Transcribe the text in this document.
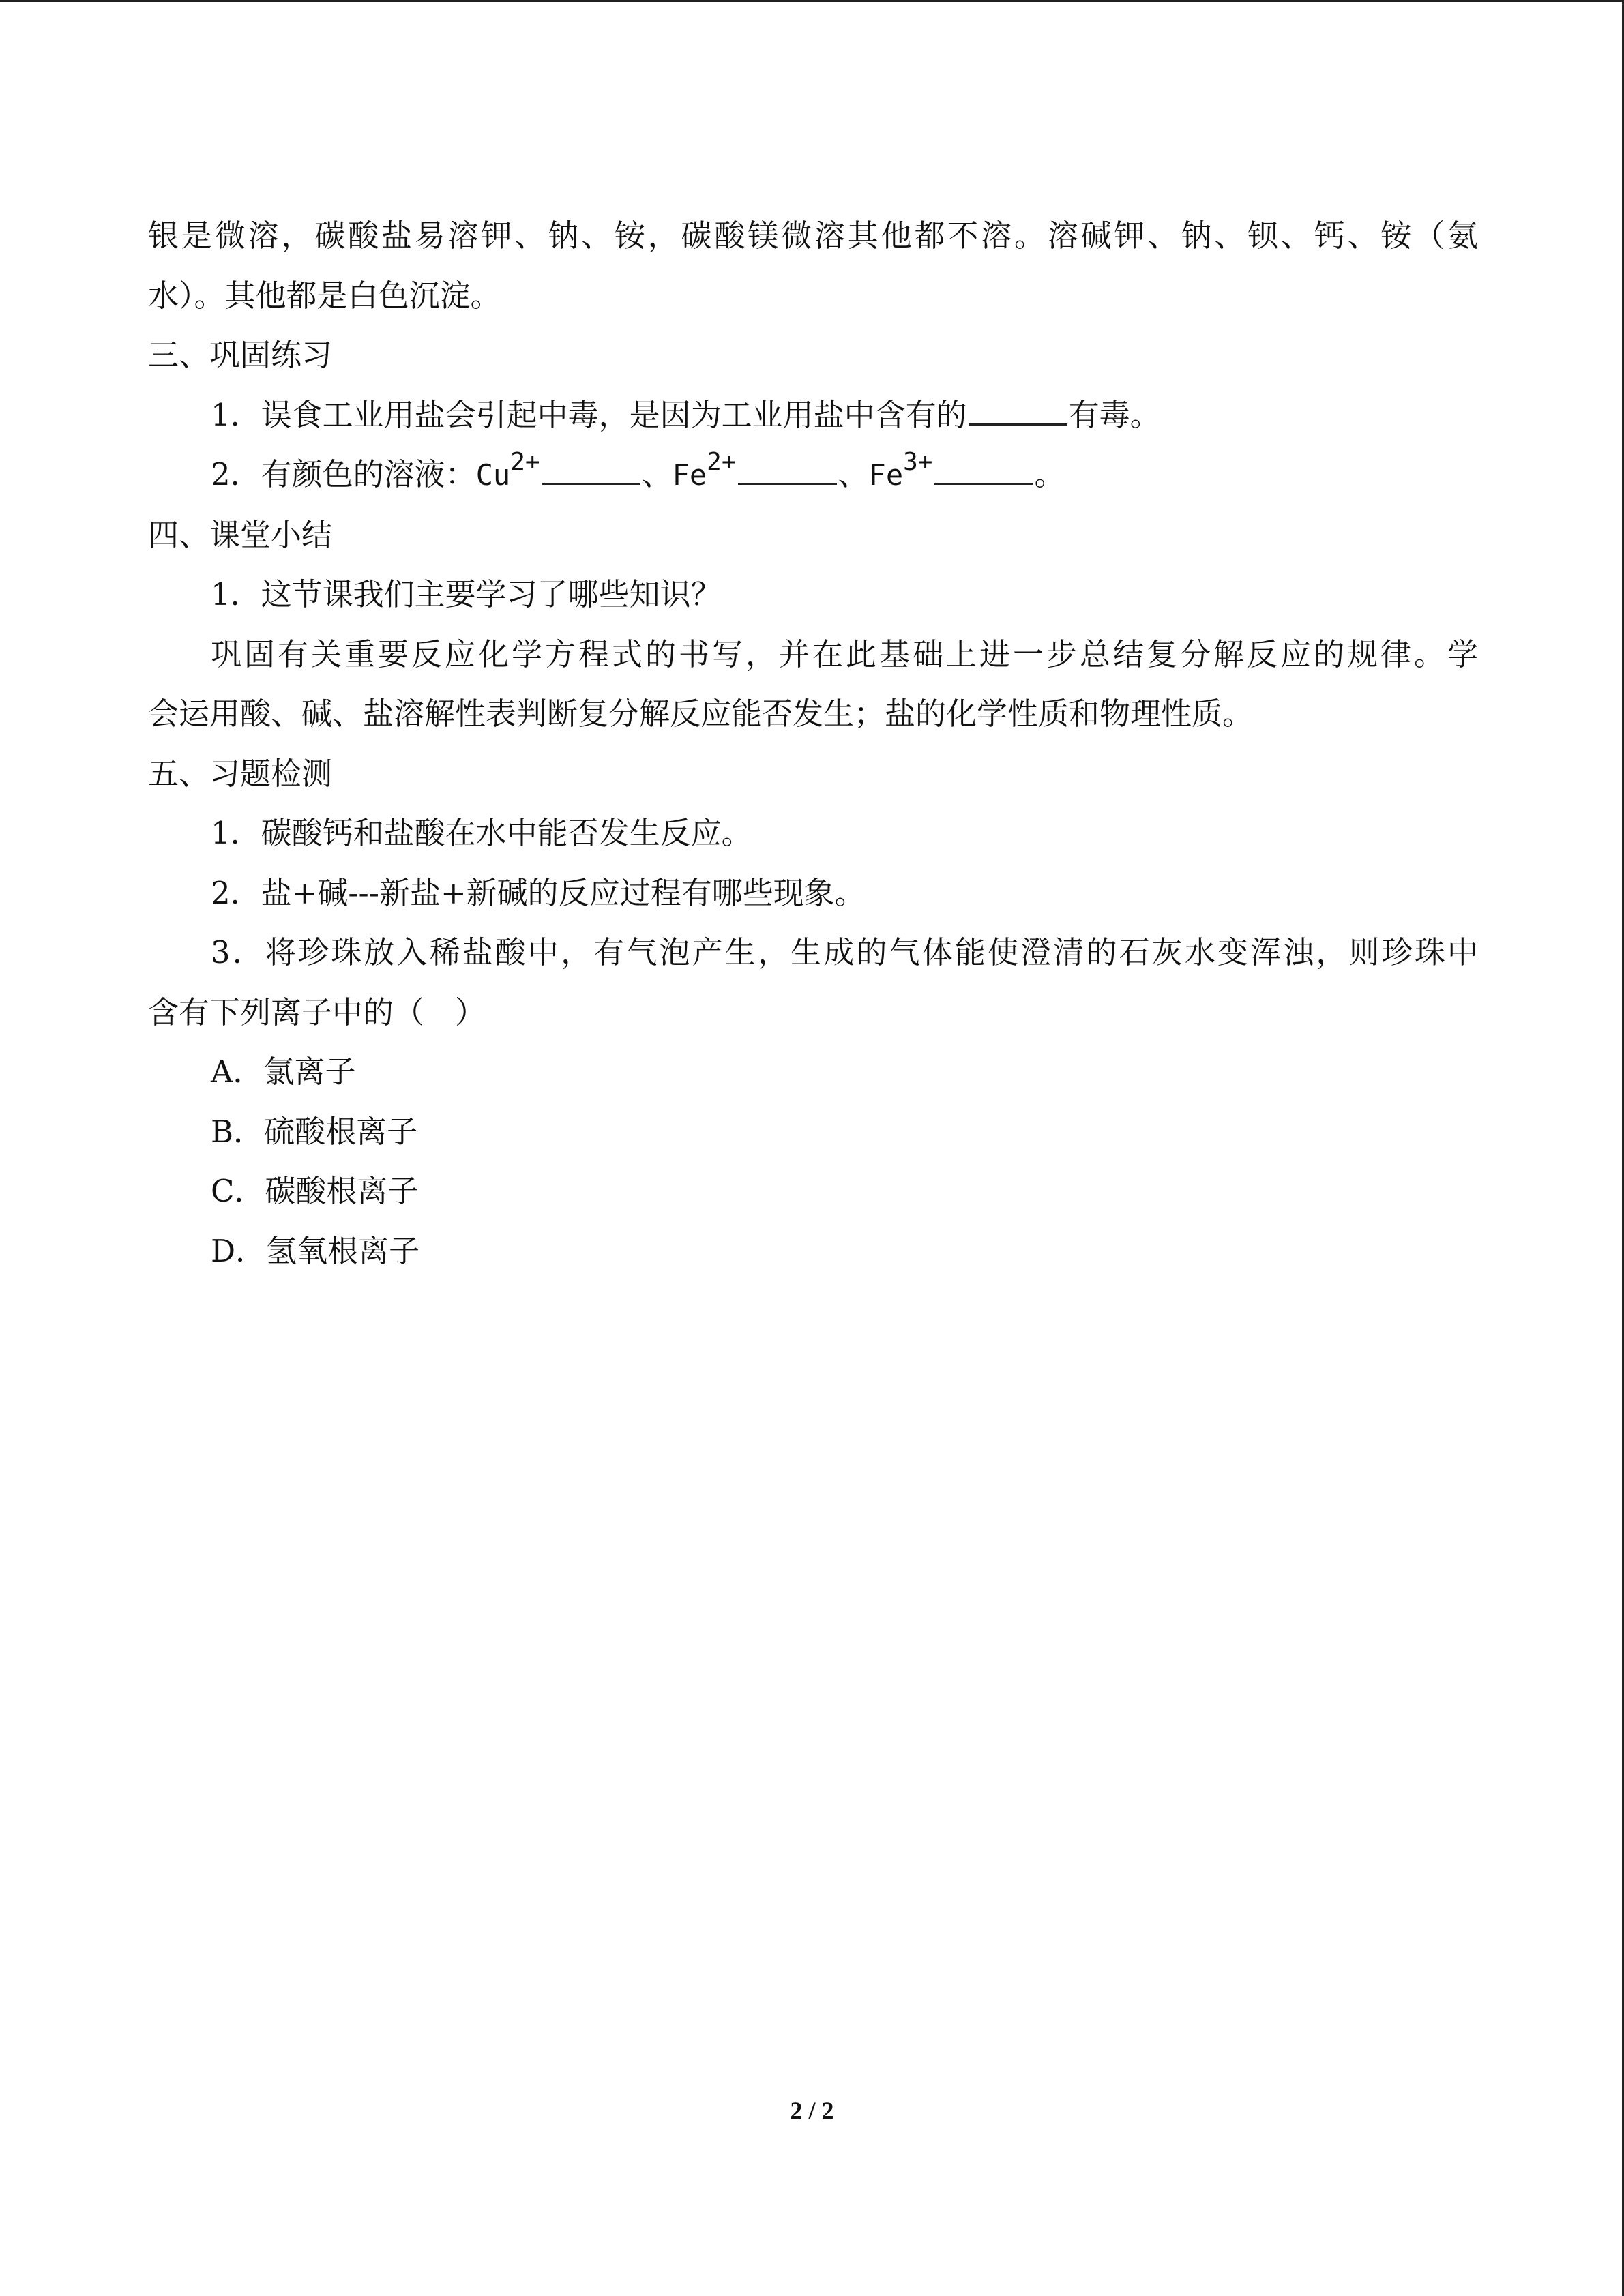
银是微溶，碳酸盐易溶钾、钠、铵，碳酸镁微溶其他都不溶。溶碱钾、钠、钡、钙、铵（氨

水）。其他都是白色沉淀。

三、巩固练习

1．误食工业用盐会引起中毒，是因为工业用盐中含有的	有毒。

2．有颜色的溶液：$Cu^{2+}$	、$Fe^{2+}$	、$Fe^{3+}$	。

四、课堂小结

1．这节课我们主要学习了哪些知识？

巩固有关重要反应化学方程式的书写，并在此基础上进一步总结复分解反应的规律。学

会运用酸、碱、盐溶解性表判断复分解反应能否发生；盐的化学性质和物理性质。

五、习题检测

1．碳酸钙和盐酸在水中能否发生反应。

2．盐+碱---新盐+新碱的反应过程有哪些现象。

3．将珍珠放入稀盐酸中，有气泡产生，生成的气体能使澄清的石灰水变浑浊，则珍珠中

含有下列离子中的（　）

A．氯离子

B．硫酸根离子

C．碳酸根离子

D．氢氧根离子

2 / 2
